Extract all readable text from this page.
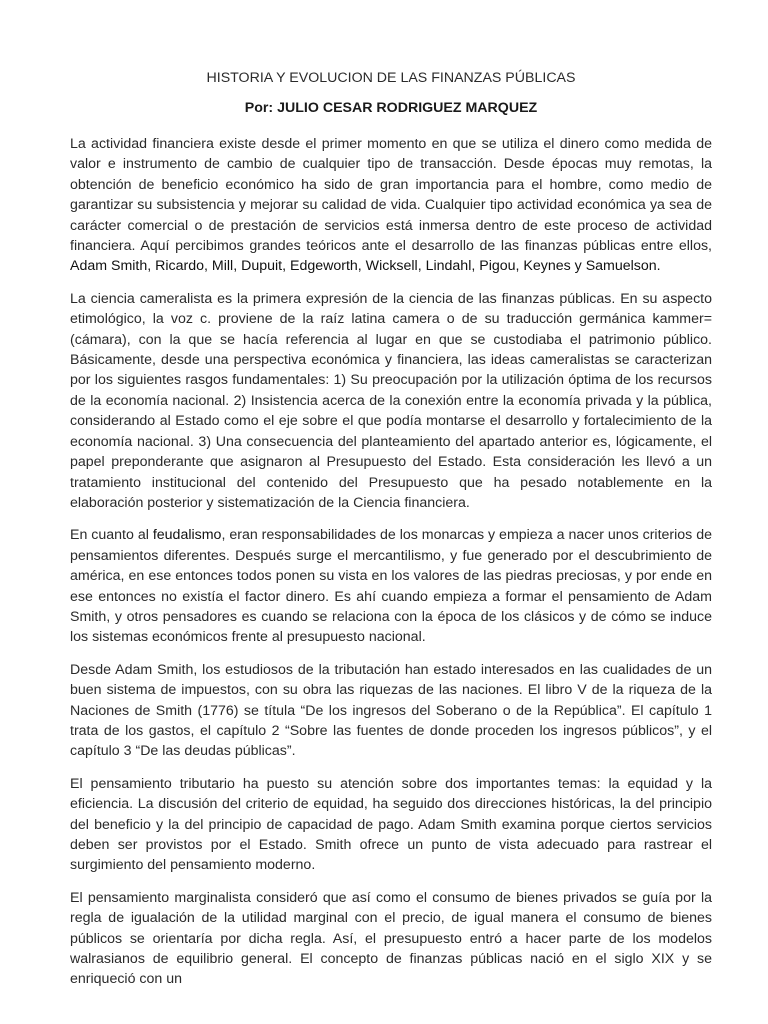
HISTORIA Y EVOLUCION DE LAS FINANZAS PÚBLICAS

Por: JULIO CESAR RODRIGUEZ MARQUEZ

La actividad financiera existe desde el primer momento en que se utiliza el dinero como medida de valor e instrumento de cambio de cualquier tipo de transacción. Desde épocas muy remotas, la obtención de beneficio económico ha sido de gran importancia para el hombre, como medio de garantizar su subsistencia y mejorar su calidad de vida. Cualquier tipo actividad económica ya sea de carácter comercial o de prestación de servicios está inmersa dentro de este proceso de actividad financiera. Aquí percibimos grandes teóricos ante el desarrollo de las finanzas públicas entre ellos, Adam Smith, Ricardo, Mill, Dupuit, Edgeworth, Wicksell, Lindahl, Pigou, Keynes y Samuelson.

La ciencia cameralista es la primera expresión de la ciencia de las finanzas públicas. En su aspecto etimológico, la voz c. proviene de la raíz latina camera o de su traducción germánica kammer=(cámara), con la que se hacía referencia al lugar en que se custodiaba el patrimonio público. Básicamente, desde una perspectiva económica y financiera, las ideas cameralistas se caracterizan por los siguientes rasgos fundamentales: 1) Su preocupación por la utilización óptima de los recursos de la economía nacional. 2) Insistencia acerca de la conexión entre la economía privada y la pública, considerando al Estado como el eje sobre el que podía montarse el desarrollo y fortalecimiento de la economía nacional. 3) Una consecuencia del planteamiento del apartado anterior es, lógicamente, el papel preponderante que asignaron al Presupuesto del Estado. Esta consideración les llevó a un tratamiento institucional del contenido del Presupuesto que ha pesado notablemente en la elaboración posterior y sistematización de la Ciencia financiera.

En cuanto al feudalismo, eran responsabilidades de los monarcas y empieza a nacer unos criterios de pensamientos diferentes. Después surge el mercantilismo, y fue generado por el descubrimiento de américa, en ese entonces todos ponen su vista en los valores de las piedras preciosas, y por ende en ese entonces no existía el factor dinero. Es ahí cuando empieza a formar el pensamiento de Adam Smith, y otros pensadores es cuando se relaciona con la época de los clásicos y de cómo se induce los sistemas económicos frente al presupuesto nacional.

Desde Adam Smith, los estudiosos de la tributación han estado interesados en las cualidades de un buen sistema de impuestos, con su obra las riquezas de las naciones. El libro V de la riqueza de la Naciones de Smith (1776) se títula “De los ingresos del Soberano o de la República”. El capítulo 1 trata de los gastos, el capítulo 2 “Sobre las fuentes de donde proceden los ingresos públicos”, y el capítulo 3 “De las deudas públicas”.

El pensamiento tributario ha puesto su atención sobre dos importantes temas: la equidad y la eficiencia. La discusión del criterio de equidad, ha seguido dos direcciones históricas, la del principio del beneficio y la del principio de capacidad de pago. Adam Smith examina porque ciertos servicios deben ser provistos por el Estado. Smith ofrece un punto de vista adecuado para rastrear el surgimiento del pensamiento moderno.

El pensamiento marginalista consideró que así como el consumo de bienes privados se guía por la regla de igualación de la utilidad marginal con el precio, de igual manera el consumo de bienes públicos se orientaría por dicha regla. Así, el presupuesto entró a hacer parte de los modelos walrasianos de equilibrio general. El concepto de finanzas públicas nació en el siglo XIX y se enriqueció con un
